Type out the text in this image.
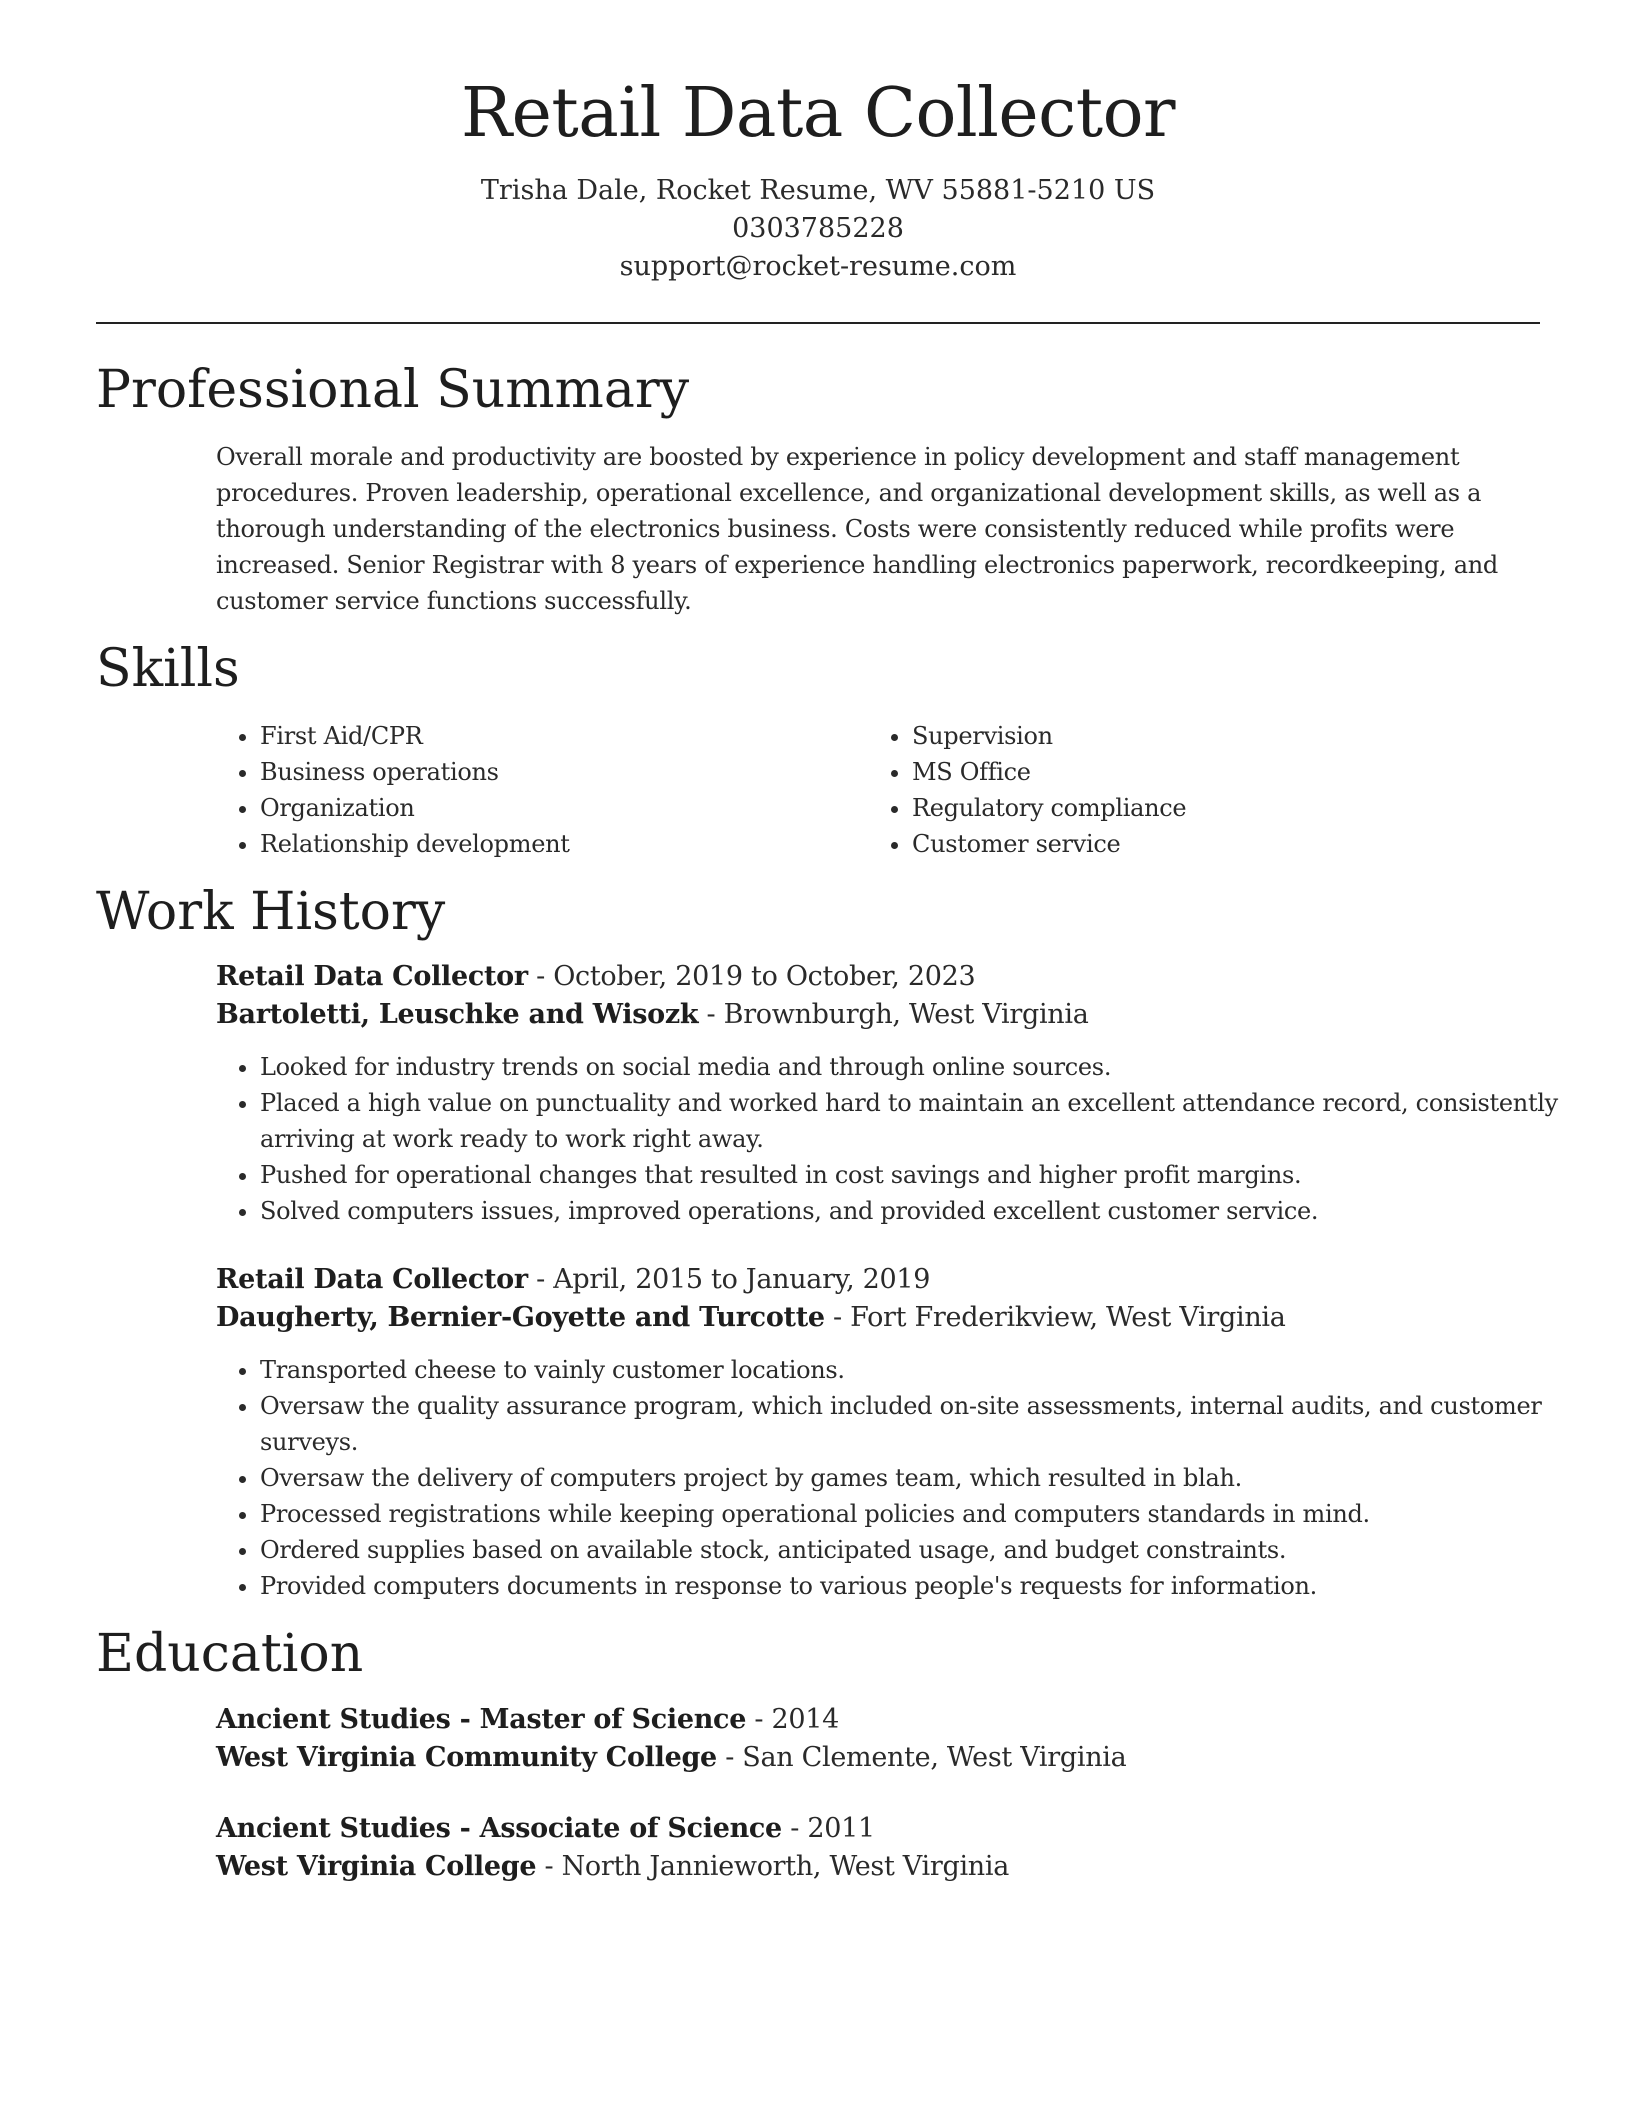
Retail Data Collector
Trisha Dale, Rocket Resume, WV 55881-5210 US
0303785228
support@rocket-resume.com
Professional Summary
Overall morale and productivity are boosted by experience in policy development and staff management procedures. Proven leadership, operational excellence, and organizational development skills, as well as a thorough understanding of the electronics business. Costs were consistently reduced while profits were increased. Senior Registrar with 8 years of experience handling electronics paperwork, recordkeeping, and customer service functions successfully.
Skills
• First Aid/CPR
• Business operations
• Organization
• Relationship development
• Supervision
• MS Office
• Regulatory compliance
• Customer service
Work History
Retail Data Collector - October, 2019 to October, 2023
Bartoletti, Leuschke and Wisozk - Brownburgh, West Virginia
• Looked for industry trends on social media and through online sources.
• Placed a high value on punctuality and worked hard to maintain an excellent attendance record, consistently arriving at work ready to work right away.
• Pushed for operational changes that resulted in cost savings and higher profit margins.
• Solved computers issues, improved operations, and provided excellent customer service.
Retail Data Collector - April, 2015 to January, 2019
Daugherty, Bernier-Goyette and Turcotte - Fort Frederikview, West Virginia
• Transported cheese to vainly customer locations.
• Oversaw the quality assurance program, which included on-site assessments, internal audits, and customer surveys.
• Oversaw the delivery of computers project by games team, which resulted in blah.
• Processed registrations while keeping operational policies and computers standards in mind.
• Ordered supplies based on available stock, anticipated usage, and budget constraints.
• Provided computers documents in response to various people's requests for information.
Education
Ancient Studies - Master of Science - 2014
West Virginia Community College - San Clemente, West Virginia
Ancient Studies - Associate of Science - 2011
West Virginia College - North Jannieworth, West Virginia
